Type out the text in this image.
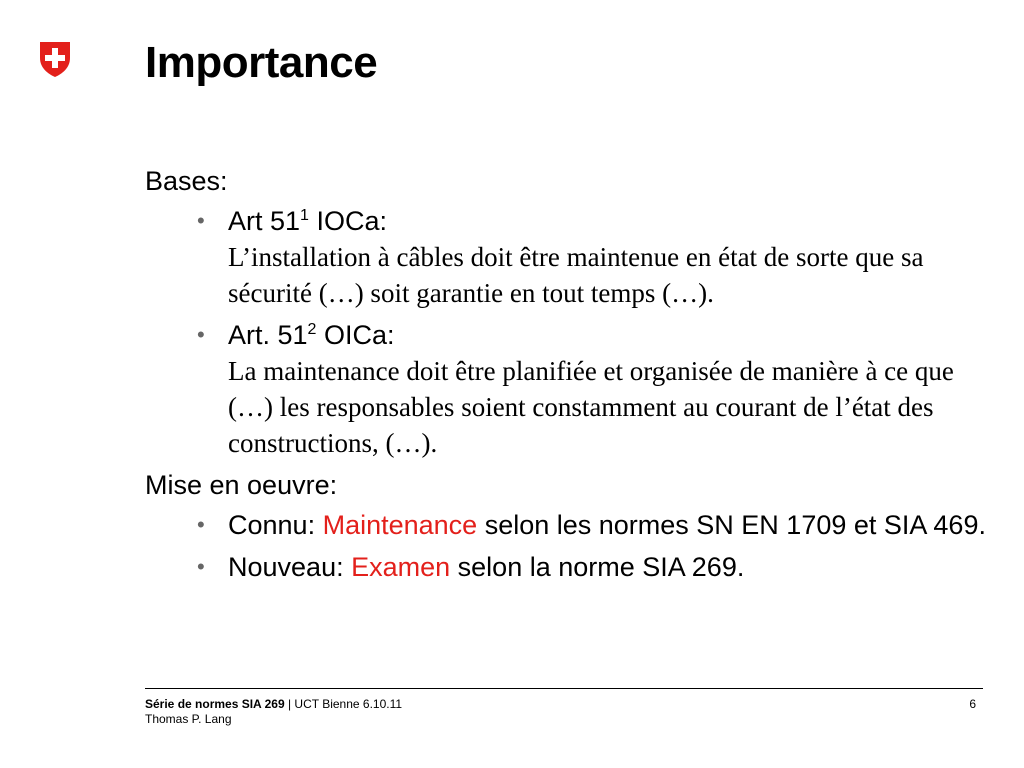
Importance

Bases:

• Art $51^1$ IOCa:
L’installation à câbles doit être maintenue en état de sorte que sa sécurité (…) soit garantie en tout temps (…).
• Art. $51^2$ OICa:
La maintenance doit être planifiée et organisée de manière à ce que (…) les responsables soient constamment au courant de l’état des constructions, (…).

Mise en oeuvre:

• Connu: Maintenance selon les normes SN EN 1709 et SIA 469.
• Nouveau: Examen selon la norme SIA 269.
Série de normes SIA 269 | UCT Bienne 6.10.11
Thomas P. Lang
6
